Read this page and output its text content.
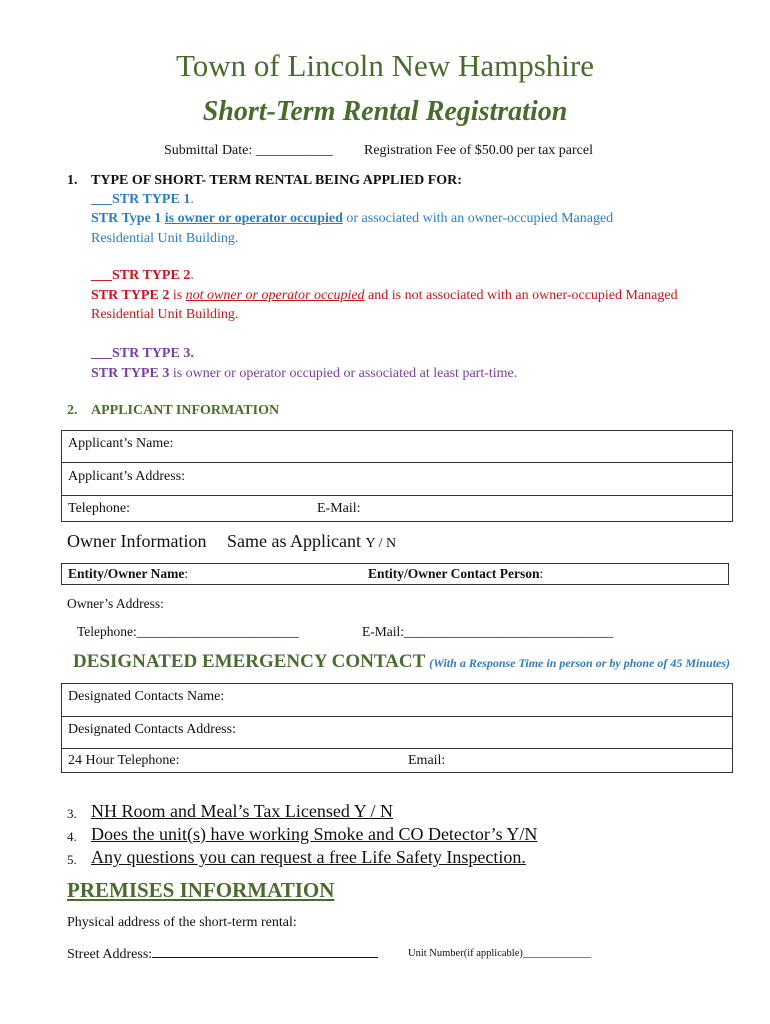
Town of Lincoln New Hampshire
Short-Term Rental Registration
Submittal Date: ___________ Registration Fee of $50.00 per tax parcel
1. TYPE OF SHORT- TERM RENTAL BEING APPLIED FOR:
___STR TYPE 1.
STR Type 1 is owner or operator occupied or associated with an owner-occupied Managed
Residential Unit Building.
___STR TYPE 2.
STR TYPE 2 is not owner or operator occupied and is not associated with an owner-occupied Managed
Residential Unit Building.
___STR TYPE 3.
STR TYPE 3 is owner or operator occupied or associated at least part-time.
2. APPLICANT INFORMATION
Applicant’s Name:
Applicant’s Address:
Telephone:	E-Mail:
Owner Information Same as Applicant Y / N
Entity/Owner Name:	Entity/Owner Contact Person:
Owner’s Address:
Telephone:________________________	E-Mail:_______________________________
DESIGNATED EMERGENCY CONTACT (With a Response Time in person or by phone of 45 Minutes)
Designated Contacts Name:
Designated Contacts Address:
24 Hour Telephone:	Email:
3. NH Room and Meal’s Tax Licensed Y / N
4. Does the unit(s) have working Smoke and CO Detector’s Y/N
5. Any questions you can request a free Life Safety Inspection.
PREMISES INFORMATION
Physical address of the short-term rental:
Street Address:	Unit Number(if applicable)_____________
